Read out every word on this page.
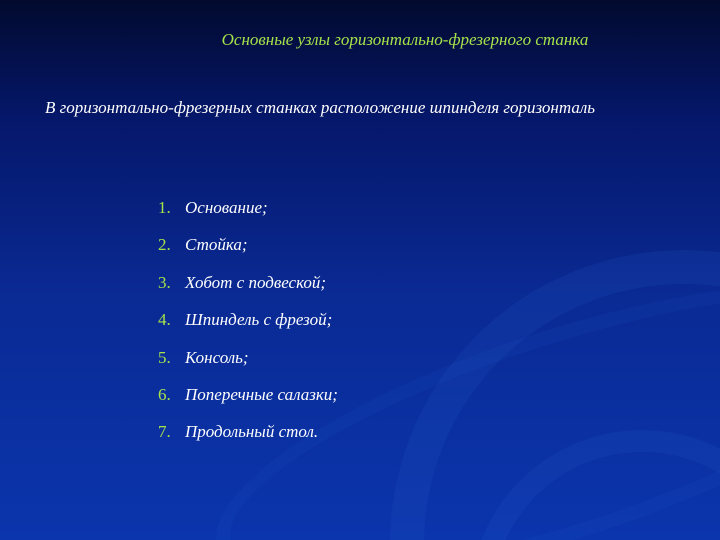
Основные узлы горизонтально-фрезерного станка
В горизонтально-фрезерных станках расположение шпинделя горизонталь
1. Основание;
2. Стойка;
3. Хобот с подвеской;
4. Шпиндель с фрезой;
5. Консоль;
6. Поперечные салазки;
7. Продольный стол.
